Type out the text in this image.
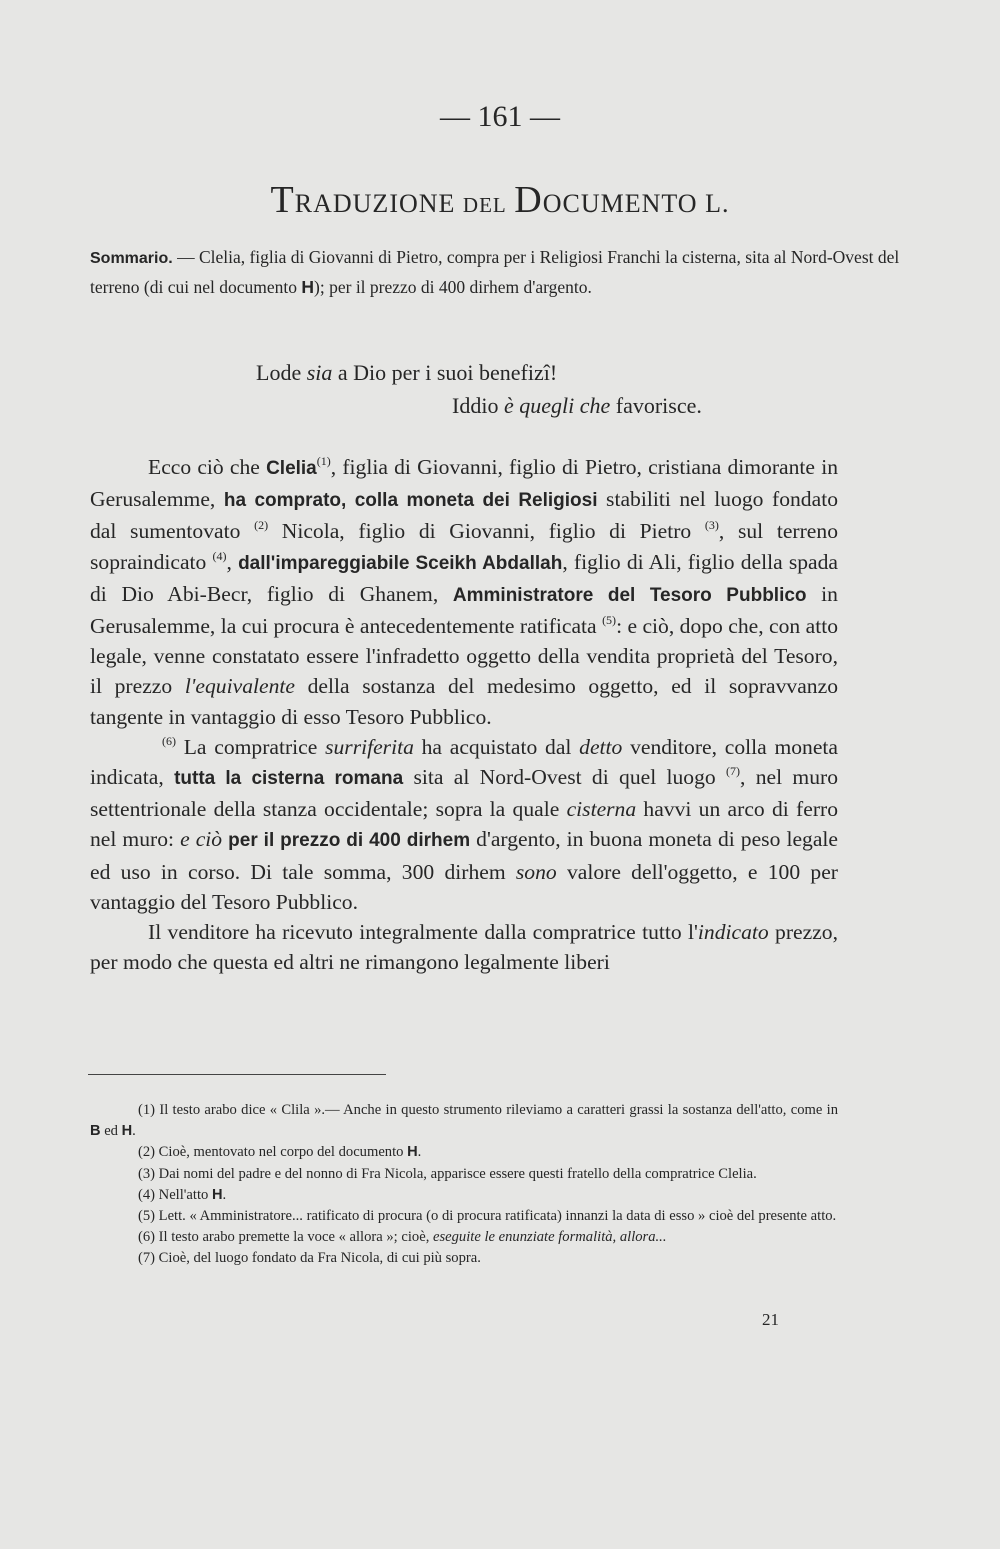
— 161 —
TRADUZIONE DEL DOCUMENTO L.
Sommario. — Clelia, figlia di Giovanni di Pietro, compra per i Religiosi Franchi la cisterna, sita al Nord-Ovest del terreno (di cui nel documento H); per il prezzo di 400 dirhem d'argento.
Lode sia a Dio per i suoi benefizî!
Iddio è quegli che favorisce.

Ecco ciò che Clelia$^{(1)}$, figlia di Giovanni, figlio di Pietro, cristiana dimorante in Gerusalemme, ha comprato, colla moneta dei Religiosi stabiliti nel luogo fondato dal sumentovato $^{(2)}$ Nicola, figlio di Giovanni, figlio di Pietro $^{(3)}$, sul terreno sopraindicato $^{(4)}$, dall'impareggiabile Sceikh Abdallah, figlio di Ali, figlio della spada di Dio Abi-Becr, figlio di Ghanem, Amministratore del Tesoro Pubblico in Gerusalemme, la cui procura è antecedentemente ratificata $^{(5)}$: e ciò, dopo che, con atto legale, venne constatato essere l'infradetto oggetto della vendita proprietà del Tesoro, il prezzo l'equivalente della sostanza del medesimo oggetto, ed il sopravvanzo tangente in vantaggio di esso Tesoro Pubblico.

$^{(6)}$ La compratrice surriferita ha acquistato dal detto venditore, colla moneta indicata, tutta la cisterna romana sita al Nord-Ovest di quel luogo $^{(7)}$, nel muro settentrionale della stanza occidentale; sopra la quale cisterna havvi un arco di ferro nel muro: e ciò per il prezzo di 400 dirhem d'argento, in buona moneta di peso legale ed uso in corso. Di tale somma, 300 dirhem sono valore dell'oggetto, e 100 per vantaggio del Tesoro Pubblico.

Il venditore ha ricevuto integralmente dalla compratrice tutto l'indicato prezzo, per modo che questa ed altri ne rimangono legalmente liberi

(1) Il testo arabo dice « Clila ».— Anche in questo strumento rileviamo a caratteri grassi la sostanza dell'atto, come in B ed H.

(2) Cioè, mentovato nel corpo del documento H.

(3) Dai nomi del padre e del nonno di Fra Nicola, apparisce essere questi fratello della compratrice Clelia.

(4) Nell'atto H.

(5) Lett. « Amministratore... ratificato di procura (o di procura ratificata) innanzi la data di esso » cioè del presente atto.

(6) Il testo arabo premette la voce « allora »; cioè, eseguite le enunziate formalità, allora...

(7) Cioè, del luogo fondato da Fra Nicola, di cui più sopra.

21
